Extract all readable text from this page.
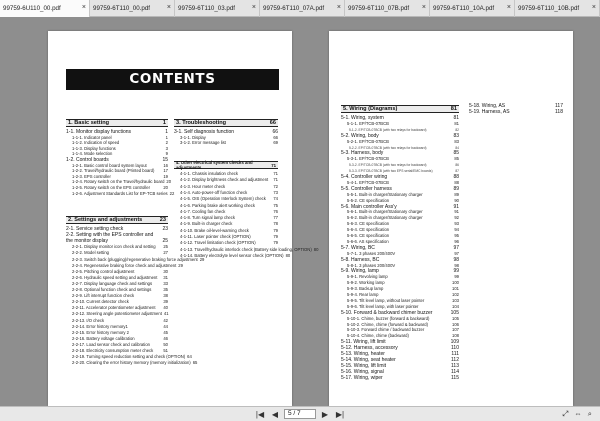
99759-6U110_00.pdf	× 99759-6T110_00.pdf × 99759-6T110_03.pdf × 99759-6T110_07A.pdf × 99759-6T110_07B.pdf × 99759-6T110_10A.pdf × 99759-6T110_10B.pdf ×
CONTENTS
1. Basic setting	1
1-1. Monitor display functions	1
1-1-1. Indicator panel	1
1-1-2. Indication of speed	2
1-1-3. Display functions	3
1-1-4. Mode selection	9
1-2. Control boards	15
1-2-1. Basic control board system layout	16
1-2-2. Travel/hydraulic board (Printed board)	17
1-2-3. EPS controller	19
1-2-4. Rotary switch on the Travel/hydraulic board 20
1-2-5. Rotary switch on the EPS controller	20
1-2-6. Adjustment Standards List for EP-TCB series 22
2. Settings and adjustments	23
2-1. Service setting check	23
2-2. Setting with the EPS controller and
the monitor display	25
2-2-1. Display monitor icon check and setting	25
2-2-2. Model setting	27
2-2-3. Switch back (plugging)/regenerative braking force adjustment 29
2-2-4. Regenerative braking force check and adjustment 29
2-2-5. Pitching control adjustment	30
2-2-6. Hydraulic speed setting and adjustment	31
2-2-7. Display language check and settings	33
2-2-8. Optional function check and settings	35
2-2-9. Lift interrupt function check	38
2-2-10. Current detector check	39
2-2-11. Accelerator potentiometer adjustment	40
2-2-12. Steering angle potentiometer adjustment 41
2-2-13. I/O check	42
2-2-14. Error history memory1	44
2-2-15. Error history memory 2	45
2-2-16. Battery voltage calibration	46
2-2-17. Load sensor check and calibration	50
2-2-18. Electricity consumption meter check	51
2-2-19. Turning speed reduction setting and check (OPTION) 64
2-2-20. Clearing the error history memory (memory initialization) 65
3. Troubleshooting	66
3-1. Self diagnosis function	66
3-1-1. Display	66
3-1-2. Error message list	69
4. Other electrical system checks and adjustments	71
4-1-1. Chassis insulation check	71
4-1-2. Display brightness check and adjustment	71
4-1-3. Hour meter check	72
4-1-4. Auto-power-off function check	73
4-1-5. OIS (Operation Interlock System) check	74
4-1-6. Parking brake alert working check	75
4-1-7. Cooling fan check	76
4-1-8. Turn signal lamp check	77
4-1-9. Built-in charger check	78
4-1-10. Brake oil-level-warning check	79
4-1-11. Laser pointer check (OPTION)	79
4-1-12. Travel limitation check (OPTION)	79
4-1-13. Travel/hydraulic interlock check (Battery side loading, OPTION) 80
4-1-14. Battery electrolyte level sensor check (OPTION) 80
5. Wiring (Diagrams)	81
5-1. Wiring, system	81
5-1-1. EP/TCB-07BCB	81
5-1-2. EP/TCB-07BCB (with two relays for backward)	82
5-2. Wiring, body	83
5-2-1. EP/TCB-07BCB	83
5-2-2. EP/TCB-07BCB (with two relays for backward)	84
5-3. Harness, body	85
5-3-1. EP/TCB-07BCB	85
5-3-2. EP/TCB-07BCB (with two relays for backward)	86
5-3-3. EP/TCB-07BCB (with two EPS serial/EMC boards)	87
5-4. Controller wiring	88
5-4-1. EP/TCB-07BCB	88
5-5. Controller harness	89
5-5-1. Built-in charger/Stationary charger	89
5-5-2. CE specification	90
5-6. Main controller Ass'y	91
5-6-1. Built-in charger/Stationary charger	91
5-6-2. Built-in charger/Stationary charger	92
5-6-3. CE specification	93
5-6-4. CE specification	94
5-6-5. CE specification	95
5-6-6. AS specification	96
5-7. Wiring, BC	97
5-7-1. 3 phases 200/400V	97
5-8. Harness, BC	98
5-8-1. 3 phases 200/400V	98
5-9. Wiring, lamp	99
5-9-1. Revolving lamp	99
5-9-2. Working lamp	100
5-9-3. Backup lamp	101
5-9-4. Rear lamp	102
5-9-5. Tilt level lamp, without laser pointer	103
5-9-6. Tilt level lamp, with laser pointer	104
5-10. Forward & backward chimer buzzer	105
5-10-1. Chime, buzzer (forward & backward)	105
5-10-2. Chime, chime (forward & backward)	106
5-10-3. Forward chime / backward buzzer	107
5-10-4. Chime, chime (backward)	108
5-11. Wiring, lift limit	109
5-12. Harness, accessory	110
5-13. Wiring, heater	111
5-14. Wiring, seat heater	112
5-15. Wiring, lift limit	113
5-16. Wiring, signal	114
5-17. Wiring, wiper	115
5-18. Wiring, AS	117
5-19. Harness, AS	118
|◀ ◀	5 / 7	▶ ▶|	⤢ ⇔ ⌕
